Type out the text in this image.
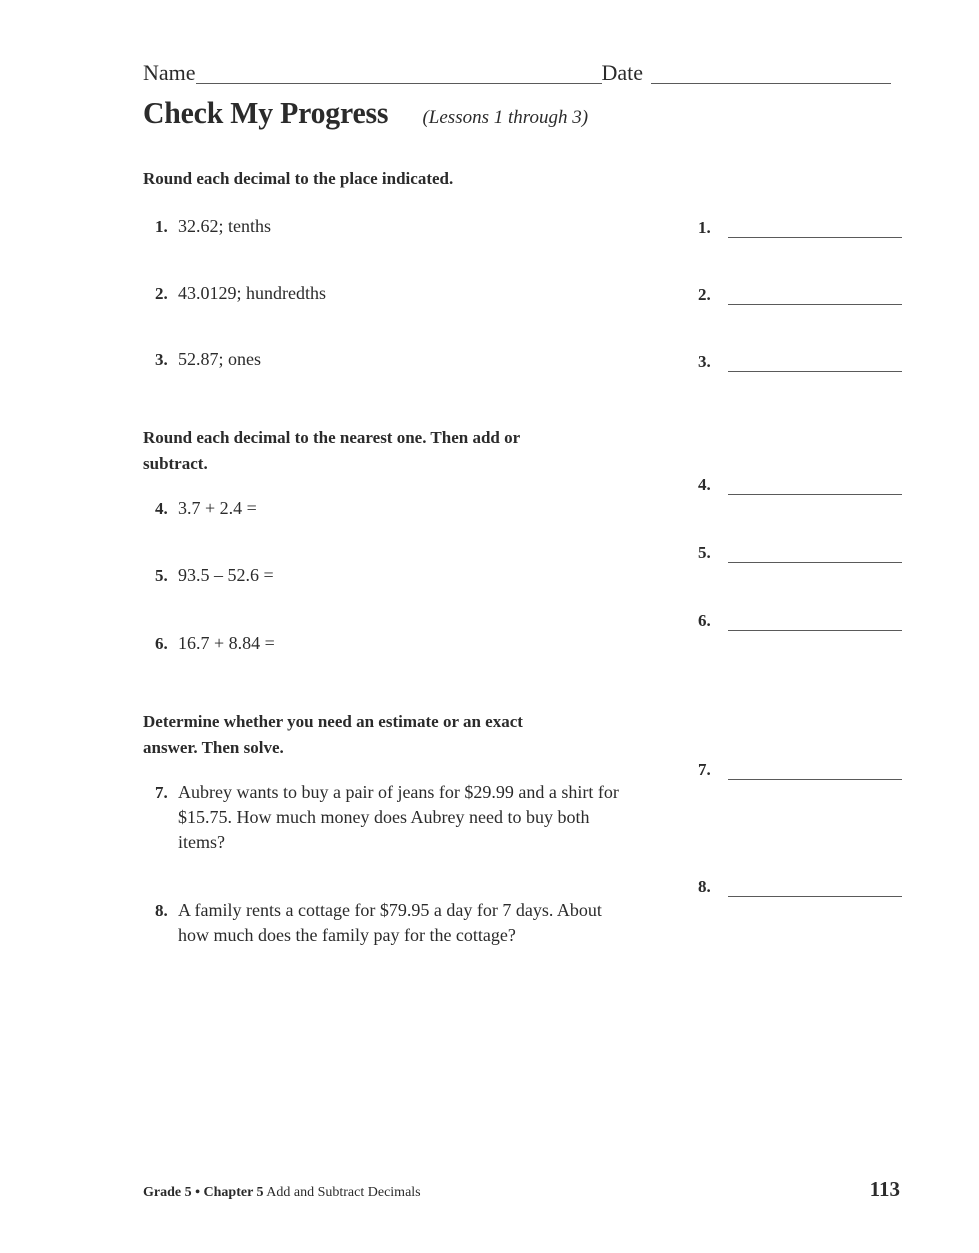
Name	Date
Check My Progress (Lessons 1 through 3)
Round each decimal to the place indicated.
Round each decimal to the nearest one. Then add or subtract.
Determine whether you need an estimate or an exact answer. Then solve.
1. 32.62; tenths
2. 43.0129; hundredths
3. 52.87; ones
4. 3.7 + 2.4 =
5. 93.5 – 52.6 =
6. 16.7 + 8.84 =
7. Aubrey wants to buy a pair of jeans for $29.99 and a shirt for $15.75. How much money does Aubrey need to buy both items?
8. A family rents a cottage for $79.95 a day for 7 days. About how much does the family pay for the cottage?
1.
2.
3.
4.
5.
6.
7.
8.
Grade 5 • Chapter 5 Add and Subtract Decimals	113
